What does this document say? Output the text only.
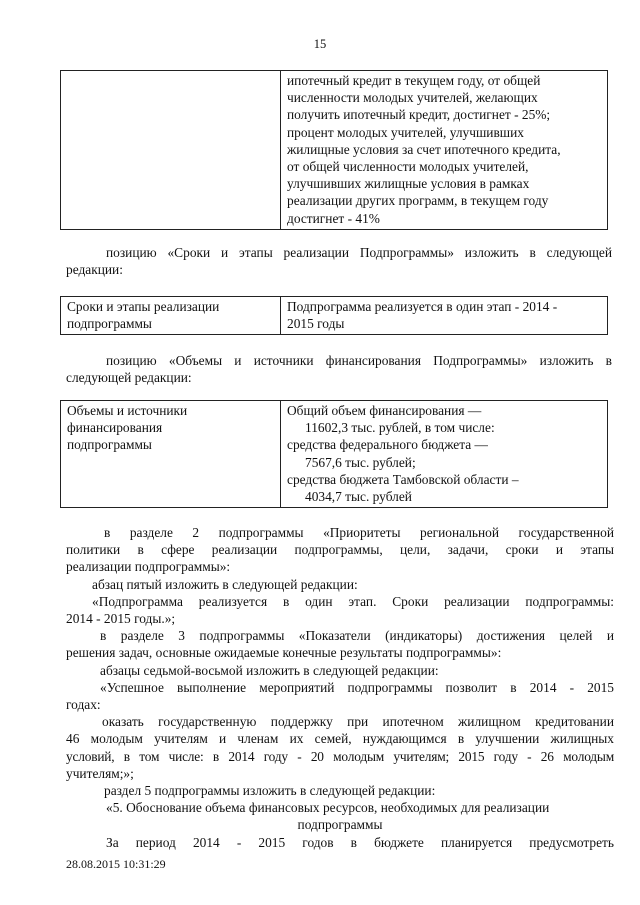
15

ипотечный кредит в текущем году, от общей
численности молодых учителей, желающих
получить ипотечный кредит, достигнет - 25%;
процент молодых учителей, улучшивших
жилищные условия за счет ипотечного кредита,
от общей численности молодых учителей,
улучшивших жилищные условия в рамках
реализации других программ, в текущем году
достигнет - 41%
позицию «Сроки и этапы реализации Подпрограммы» изложить в следующей
редакции:
Сроки и этапы реализации
подпрограммы

Подпрограмма реализуется в один этап - 2014 -
2015 годы
позицию «Объемы и источники финансирования Подпрограммы» изложить в
следующей редакции:
Объемы и источники
финансирования
подпрограммы

Общий объем финансирования —
11602,3 тыс. рублей, в том числе:
средства федерального бюджета —
7567,6 тыс. рублей;
средства бюджета Тамбовской области –
4034,7 тыс. рублей
в разделе 2 подпрограммы «Приоритеты региональной государственной
политики в сфере реализации подпрограммы, цели, задачи, сроки и этапы
реализации подпрограммы»:
абзац пятый изложить в следующей редакции:
«Подпрограмма реализуется в один этап. Сроки реализации подпрограммы:
2014 - 2015 годы.»;
в разделе 3 подпрограммы «Показатели (индикаторы) достижения целей и
решения задач, основные ожидаемые конечные результаты подпрограммы»:
абзацы седьмой-восьмой изложить в следующей редакции:
«Успешное выполнение мероприятий подпрограммы позволит в 2014 - 2015
годах:
оказать государственную поддержку при ипотечном жилищном кредитовании
46 молодым учителям и членам их семей, нуждающимся в улучшении жилищных
условий, в том числе: в 2014 году - 20 молодым учителям; 2015 году - 26 молодым
учителям;»;
раздел 5 подпрограммы изложить в следующей редакции:
«5. Обоснование объема финансовых ресурсов, необходимых для реализации
подпрограммы
За период 2014 - 2015 годов в бюджете планируется предусмотреть
28.08.2015 10:31:29
